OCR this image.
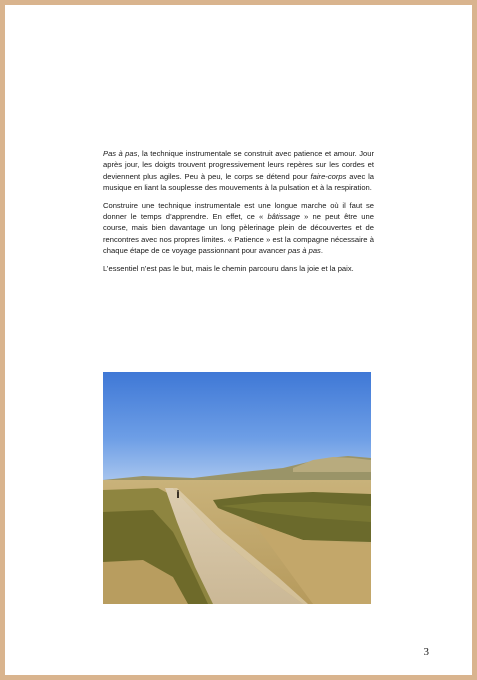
Pas à pas, la technique instrumentale se construit avec patience et amour. Jour après jour, les doigts trouvent progressivement leurs repères sur les cordes et deviennent plus agiles. Peu à peu, le corps se détend pour faire-corps avec la musique en liant la souplesse des mouvements à la pulsation et à la respiration.

Construire une technique instrumentale est une longue marche où il faut se donner le temps d’apprendre. En effet, ce « bâtissage » ne peut être une course, mais bien davantage un long pèlerinage plein de découvertes et de rencontres avec nos propres limites. « Patience » est la compagne nécessaire à chaque étape de ce voyage passionnant pour avancer pas à pas.

L’essentiel n’est pas le but, mais le chemin parcouru dans la joie et la paix.

3
